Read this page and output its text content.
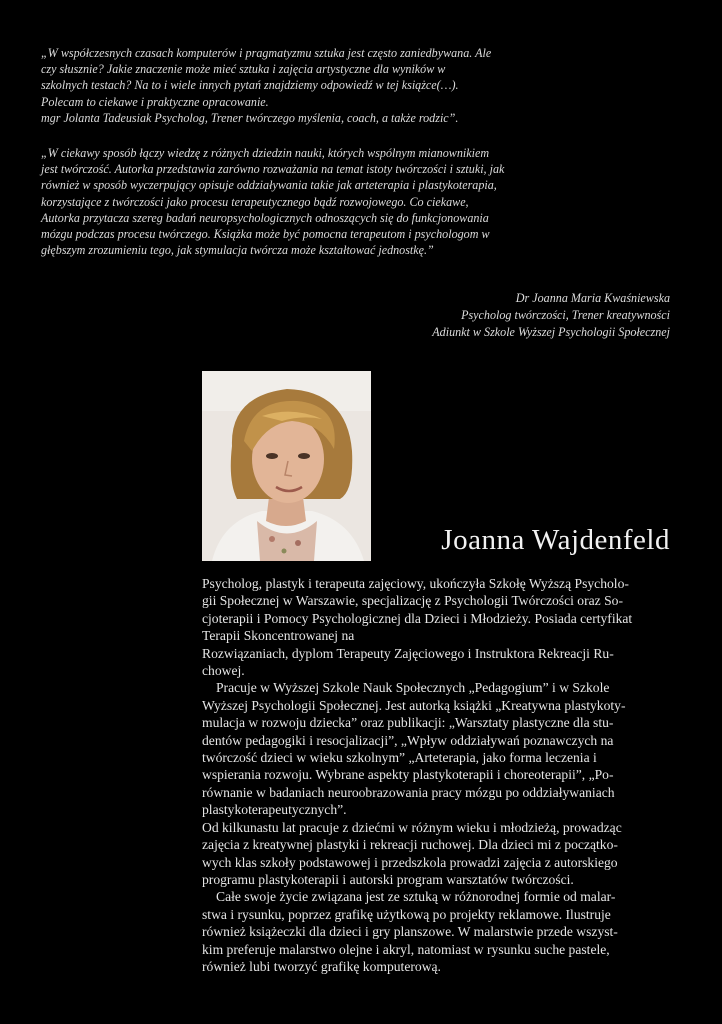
„W współczesnych czasach komputerów i pragmatyzmu sztuka jest często zaniedbywana. Ale
czy słusznie? Jakie znaczenie może mieć sztuka i zajęcia artystyczne dla wyników w
szkolnych testach? Na to i wiele innych pytań znajdziemy odpowiedź w tej książce(…).
Polecam to ciekawe i praktyczne opracowanie.
mgr Jolanta Tadeusiak Psycholog, Trener twórczego myślenia, coach, a także rodzic”.
„W ciekawy sposób łączy wiedzę z różnych dziedzin nauki, których wspólnym mianownikiem
jest twórczość. Autorka przedstawia zarówno rozważania na temat istoty twórczości i sztuki, jak
również w sposób wyczerpujący opisuje oddziaływania takie jak arteterapia i plastykoterapia,
korzystające z twórczości jako procesu terapeutycznego bądź rozwojowego. Co ciekawe,
Autorka przytacza szereg badań neuropsychologicznych odnoszących się do funkcjonowania
mózgu podczas procesu twórczego. Książka może być pomocna terapeutom i psychologom w
głębszym zrozumieniu tego, jak stymulacja twórcza może kształtować jednostkę.”
Dr Joanna Maria Kwaśniewska
Psycholog twórczości, Trener kreatywności
Adiunkt w Szkole Wyższej Psychologii Społecznej
Joanna Wajdenfeld
Psycholog, plastyk i terapeuta zajęciowy, ukończyła Szkołę Wyższą Psycholo-
gii Społecznej w Warszawie, specjalizację z Psychologii Twórczości oraz So-
cjoterapii i Pomocy Psychologicznej dla Dzieci i Młodzieży. Posiada certyfikat
Terapii Skoncentrowanej na
Rozwiązaniach, dyplom Terapeuty Zajęciowego i Instruktora Rekreacji Ru-
chowej.
Pracuje w Wyższej Szkole Nauk Społecznych „Pedagogium” i w Szkole
Wyższej Psychologii Społecznej. Jest autorką książki „Kreatywna plastykoty-
mulacja w rozwoju dziecka” oraz publikacji: „Warsztaty plastyczne dla stu-
dentów pedagogiki i resocjalizacji”, „Wpływ oddziaływań poznawczych na
twórczość dzieci w wieku szkolnym” „Arteterapia, jako forma leczenia i
wspierania rozwoju. Wybrane aspekty plastykoterapii i choreoterapii”, „Po-
równanie w badaniach neuroobrazowania pracy mózgu po oddziaływaniach
plastykoterapeutycznych”.
Od kilkunastu lat pracuje z dziećmi w różnym wieku i młodzieżą, prowadząc
zajęcia z kreatywnej plastyki i rekreacji ruchowej. Dla dzieci mi z początko-
wych klas szkoły podstawowej i przedszkola prowadzi zajęcia z autorskiego
programu plastykoterapii i autorski program warsztatów twórczości.
Całe swoje życie związana jest ze sztuką w różnorodnej formie od malar-
stwa i rysunku, poprzez grafikę użytkową po projekty reklamowe. Ilustruje
również książeczki dla dzieci i gry planszowe. W malarstwie przede wszyst-
kim preferuje malarstwo olejne i akryl, natomiast w rysunku suche pastele,
również lubi tworzyć grafikę komputerową.
